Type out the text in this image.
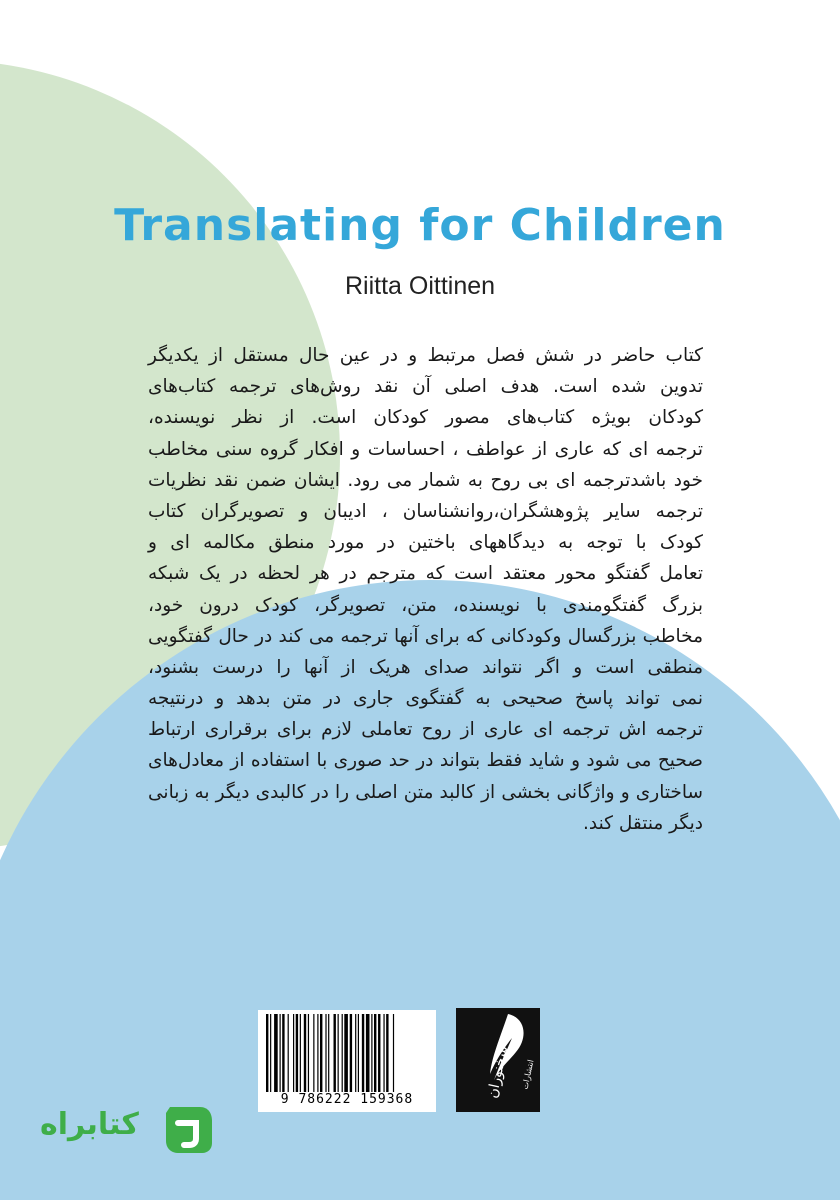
Translating for Children
Riitta Oittinen
کتاب حاضر در شش فصل مرتبط و در عین حال مستقل از یکدیگر
تدوین شده است. هدف اصلی آن نقد روش‌های ترجمه کتاب‌های
کودکان بویژه کتاب‌های مصور کودکان است. از نظر نویسنده،
ترجمه ای که عاری از عواطف ، احساسات و افکار گروه سنی مخاطب
خود باشدترجمه ای بی روح به شمار می رود. ایشان ضمن نقد نظریات
ترجمه سایر پژوهشگران،روانشناسان ، ادیبان و تصویرگران کتاب
کودک با توجه به دیدگاههای باختین در مورد منطق مکالمه ای و
تعامل گفتگو محور معتقد است که مترجم در هر لحظه در یک شبکه
بزرگ گفتگومندی با نویسنده، متن، تصویرگر، کودک درون خود،
مخاطب بزرگسال وکودکانی که برای آنها ترجمه می کند در حال گفتگویی
منطقی است و اگر نتواند صدای هریک از آنها را درست بشنود،
نمی تواند پاسخ صحیحی به گفتگوی جاری در متن بدهد و درنتیجه
ترجمه اش ترجمه ای عاری از روح تعاملی لازم برای برقراری ارتباط
صحیح می شود و شاید فقط بتواند در حد صوری با استفاده از معادل‌های
ساختاری و واژگانی بخشی از کالبد متن اصلی را در کالبدی دیگر به زبانی
دیگر منتقل کند.
9 786222 159368	سخنوران	انتشارات
کتابراه
